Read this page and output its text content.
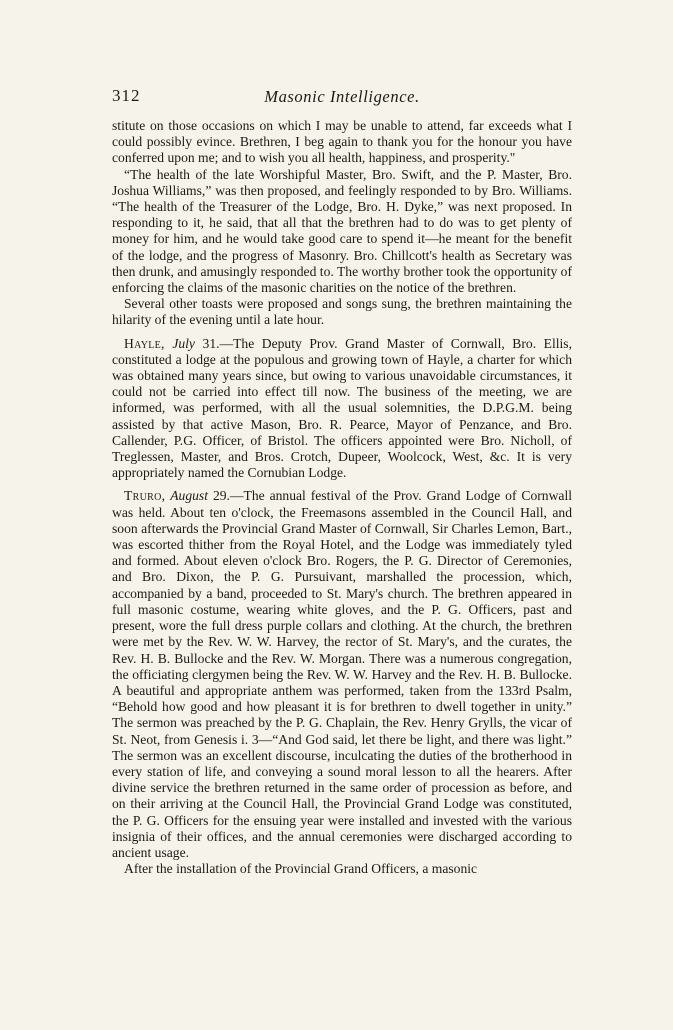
312	Masonic Intelligence.

stitute on those occasions on which I may be unable to attend, far exceeds what I could possibly evince. Brethren, I beg again to thank you for the honour you have conferred upon me; and to wish you all health, happiness, and prosperity."

“The health of the late Worshipful Master, Bro. Swift, and the P. Master, Bro. Joshua Williams,” was then proposed, and feelingly responded to by Bro. Williams. “The health of the Treasurer of the Lodge, Bro. H. Dyke,” was next proposed. In responding to it, he said, that all that the brethren had to do was to get plenty of money for him, and he would take good care to spend it—he meant for the benefit of the lodge, and the progress of Masonry. Bro. Chillcott's health as Secretary was then drunk, and amusingly responded to. The worthy brother took the opportunity of enforcing the claims of the masonic charities on the notice of the brethren.

Several other toasts were proposed and songs sung, the brethren maintaining the hilarity of the evening until a late hour.

Hayle, July 31.—The Deputy Prov. Grand Master of Cornwall, Bro. Ellis, constituted a lodge at the populous and growing town of Hayle, a charter for which was obtained many years since, but owing to various unavoidable circumstances, it could not be carried into effect till now. The business of the meeting, we are informed, was performed, with all the usual solemnities, the D.P.G.M. being assisted by that active Mason, Bro. R. Pearce, Mayor of Penzance, and Bro. Callender, P.G. Officer, of Bristol. The officers appointed were Bro. Nicholl, of Treglessen, Master, and Bros. Crotch, Dupeer, Woolcock, West, &c. It is very appropriately named the Cornubian Lodge.

Truro, August 29.—The annual festival of the Prov. Grand Lodge of Cornwall was held. About ten o'clock, the Freemasons assembled in the Council Hall, and soon afterwards the Provincial Grand Master of Cornwall, Sir Charles Lemon, Bart., was escorted thither from the Royal Hotel, and the Lodge was immediately tyled and formed. About eleven o'clock Bro. Rogers, the P. G. Director of Ceremonies, and Bro. Dixon, the P. G. Pursuivant, marshalled the procession, which, accompanied by a band, proceeded to St. Mary's church. The brethren appeared in full masonic costume, wearing white gloves, and the P. G. Officers, past and present, wore the full dress purple collars and clothing. At the church, the brethren were met by the Rev. W. W. Harvey, the rector of St. Mary's, and the curates, the Rev. H. B. Bullocke and the Rev. W. Morgan. There was a numerous congregation, the officiating clergymen being the Rev. W. W. Harvey and the Rev. H. B. Bullocke. A beautiful and appropriate anthem was performed, taken from the 133rd Psalm, “Behold how good and how pleasant it is for brethren to dwell together in unity.” The sermon was preached by the P. G. Chaplain, the Rev. Henry Grylls, the vicar of St. Neot, from Genesis i. 3—“And God said, let there be light, and there was light.” The sermon was an excellent discourse, inculcating the duties of the brotherhood in every station of life, and conveying a sound moral lesson to all the hearers. After divine service the brethren returned in the same order of procession as before, and on their arriving at the Council Hall, the Provincial Grand Lodge was constituted, the P. G. Officers for the ensuing year were installed and invested with the various insignia of their offices, and the annual ceremonies were discharged according to ancient usage.

After the installation of the Provincial Grand Officers, a masonic
